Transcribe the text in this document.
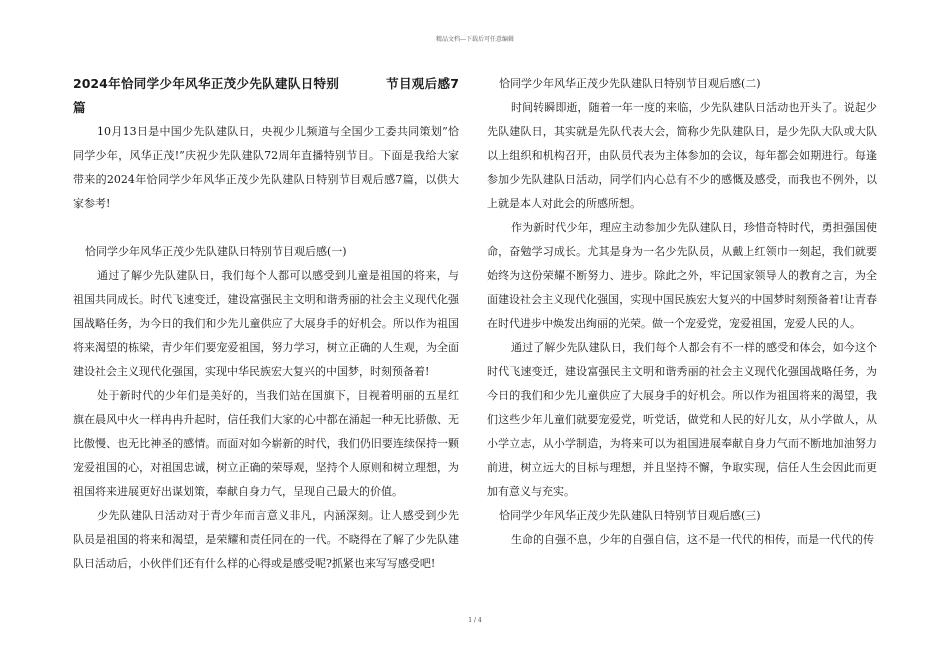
精品文档---下载后可任意编辑

2024年恰同学少年风华正茂少先队建队日特别          节目观后感7篇

10月13日是中国少先队建队日，央视少儿频道与全国少工委共同策划”恰同学少年，风华正茂!”庆祝少先队建队72周年直播特别节目。下面是我给大家带来的2024年恰同学少年风华正茂少先队建队日特别节目观后感7篇，以供大家参考!

恰同学少年风华正茂少先队建队日特别节目观后感(一)

通过了解少先队建队日，我们每个人都可以感受到儿童是祖国的将来，与祖国共同成长。时代飞速变迁，建设富强民主文明和谐秀丽的社会主义现代化强国战略任务，为今日的我们和少先儿童供应了大展身手的好机会。所以作为祖国将来渴望的栋梁，青少年们要宠爱祖国，努力学习，树立正确的人生观，为全面建设社会主义现代化强国，实现中华民族宏大复兴的中国梦，时刻预备着!

处于新时代的少年们是美好的，当我们站在国旗下，目视着明丽的五星红旗在晨风中火一样冉冉升起时，信任我们大家的心中都在涌起一种无比骄傲、无比傲慢、也无比神圣的感情。而面对如今崭新的时代，我们仍旧要连续保持一颗宠爱祖国的心，对祖国忠诚，树立正确的荣辱观，坚持个人原则和树立理想，为祖国将来进展更好出谋划策，奉献自身力气，呈现自己最大的价值。

少先队建队日活动对于青少年而言意义非凡，内涵深刻。让人感受到少先队员是祖国的将来和渴望，是荣耀和责任同在的一代。不晓得在了解了少先队建队日活动后，小伙伴们还有什么样的心得或是感受呢?抓紧也来写写感受吧!

恰同学少年风华正茂少先队建队日特别节目观后感(二)

时间转瞬即逝，随着一年一度的来临，少先队建队日活动也开头了。说起少先队建队日，其实就是先队代表大会，简称少先队建队日，是少先队大队或大队以上组织和机构召开，由队员代表为主体参加的会议，每年都会如期进行。每逢参加少先队建队日活动，同学们内心总有不少的感慨及感受，而我也不例外，以上就是本人对此会的所感所想。

作为新时代少年，理应主动参加少先队建队日，珍惜奇特时代，勇担强国使命，奋勉学习成长。尤其是身为一名少先队员，从戴上红领巾一刻起，我们就要始终为这份荣耀不断努力、进步。除此之外，牢记国家领导人的教育之言，为全面建设社会主义现代化强国，实现中国民族宏大复兴的中国梦时刻预备着!让青春在时代进步中焕发出绚丽的光荣。做一个宠爱党，宠爱祖国，宠爱人民的人。

通过了解少先队建队日，我们每个人都会有不一样的感受和体会，如今这个时代飞速变迁，建设富强民主文明和谐秀丽的社会主义现代化强国战略任务，为今日的我们和少先儿童供应了大展身手的好机会。所以作为祖国将来的渴望，我们这些少年儿童们就要宠爱党，听党话，做党和人民的好儿女，从小学做人，从小学立志，从小学制造，为将来可以为祖国进展奉献自身力气而不断地加油努力前进，树立远大的目标与理想，并且坚持不懈，争取实现，信任人生会因此而更加有意义与充实。

恰同学少年风华正茂少先队建队日特别节目观后感(三)

生命的自强不息，少年的自强自信，这不是一代代的相传，而是一代代的传

1 / 4
